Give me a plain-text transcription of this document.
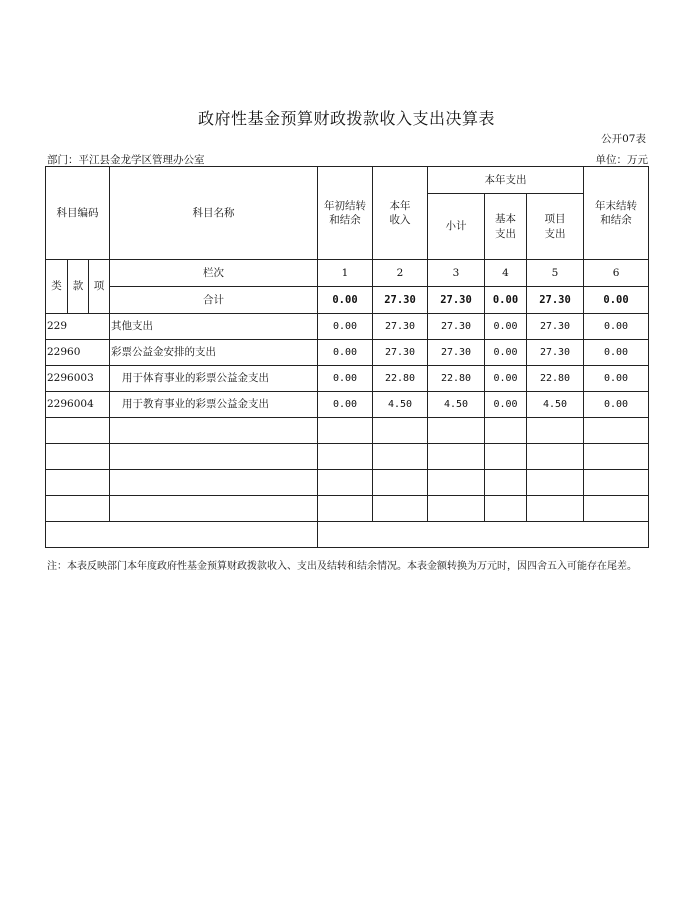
政府性基金预算财政拨款收入支出决算表
公开07表
部门：平江县金龙学区管理办公室	单位：万元
科目编码			科目名称	年初结转和结余	本年收入	本年支出			年末结转和结余
						小计	基本支出	项目支出	

类	款	项	栏次	1	2	3	4	5	6
			合计	0.00	27.30	27.30	0.00	27.30	0.00
229			其他支出	0.00	27.30	27.30	0.00	27.30	0.00
22960			彩票公益金安排的支出	0.00	27.30	27.30	0.00	27.30	0.00
2296003			用于体育事业的彩票公益金支出	0.00	22.80	22.80	0.00	22.80	0.00
2296004			用于教育事业的彩票公益金支出	0.00	4.50	4.50	0.00	4.50	0.00

注：本表反映部门本年度政府性基金预算财政拨款收入、支出及结转和结余情况。本表金额转换为万元时，因四舍五入可能存在尾差。
